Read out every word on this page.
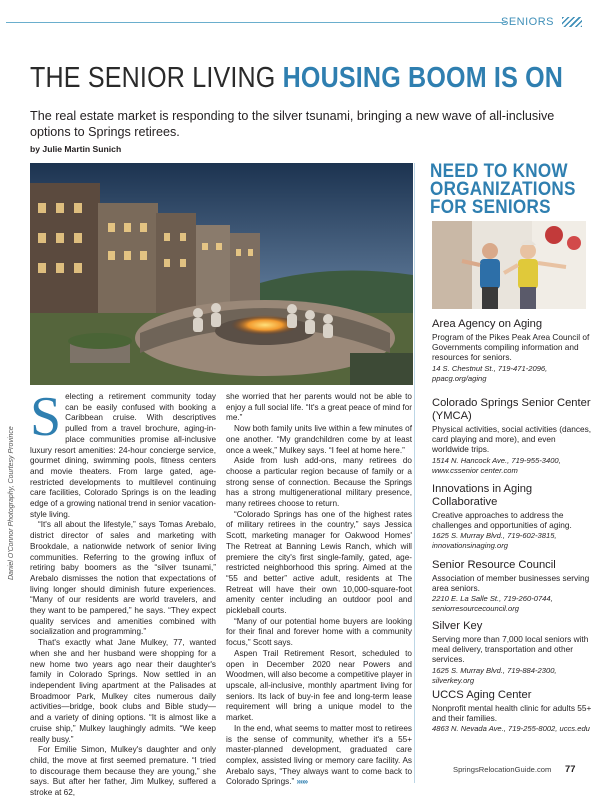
SENIORS
THE SENIOR LIVING HOUSING BOOM IS ON

The real estate market is responding to the silver tsunami, bringing a new wave of all-inclusive options to Springs retirees.

by Julie Martin Sunich

Daniel O'Connor Photography, Courtesy Province

Selecting a retirement community today can be easily confused with booking a Caribbean cruise. With descriptives pulled from a travel brochure, aging-in-place communities promise all-inclusive luxury resort amenities: 24-hour concierge service, gourmet dining, swimming pools, fitness centers and movie theaters. From large gated, age-restricted developments to multilevel continuing care facilities, Colorado Springs is on the leading edge of a growing national trend in senior vacation-style living.

“It's all about the lifestyle,” says Tomas Arebalo, district director of sales and marketing with Brookdale, a nationwide network of senior living communities. Referring to the growing influx of retiring baby boomers as the “silver tsunami,” Arebalo dismisses the notion that expectations of living longer should diminish future experiences. “Many of our residents are world travelers, and they want to be pampered,” he says. “They expect quality services and amenities combined with socialization and programming.”

That's exactly what Jane Mulkey, 77, wanted when she and her husband were shopping for a new home two years ago near their daughter's family in Colorado Springs. Now settled in an independent living apartment at the Palisades at Broadmoor Park, Mulkey cites numerous daily activities—bridge, book clubs and Bible study—and a variety of dining options. “It is almost like a cruise ship,” Mulkey laughingly admits. “We keep really busy.”

For Emilie Simon, Mulkey's daughter and only child, the move at first seemed premature. “I tried to discourage them because they are young,” she says. But after her father, Jim Mulkey, suffered a stroke at 62,

she worried that her parents would not be able to enjoy a full social life. “It's a great peace of mind for me.”

Now both family units live within a few minutes of one another. “My grandchildren come by at least once a week,” Mulkey says. “I feel at home here.”

Aside from lush add-ons, many retirees do choose a particular region because of family or a strong sense of connection. Because the Springs has a strong multigenerational military presence, many retirees choose to return.

“Colorado Springs has one of the highest rates of military retirees in the country,” says Jessica Scott, marketing manager for Oakwood Homes' The Retreat at Banning Lewis Ranch, which will premiere the city's first single-family, gated, age-restricted neighborhood this spring. Aimed at the “55 and better” active adult, residents at The Retreat will have their own 10,000-square-foot amenity center including an outdoor pool and pickleball courts.

“Many of our potential home buyers are looking for their final and forever home with a community focus,” Scott says.

Aspen Trail Retirement Resort, scheduled to open in December 2020 near Powers and Woodmen, will also become a competitive player in upscale, all-inclusive, monthly apartment living for seniors. Its lack of buy-in fee and long-term lease requirement will bring a unique model to the market.

In the end, what seems to matter most to retirees is the sense of community, whether it's a 55+ master-planned development, graduated care complex, assisted living or memory care facility. As Arebalo says, “They always want to come back to Colorado Springs.” »»»

NEED TO KNOW
ORGANIZATIONS
FOR SENIORS
Area Agency on Aging

Program of the Pikes Peak Area Council of Governments compiling information and resources for seniors.

14 S. Chestnut St., 719-471-2096, ppacg.org/aging

Colorado Springs Senior Center (YMCA)

Physical activities, social activities (dances, card playing and more), and even worldwide trips.

1514 N. Hancock Ave., 719-955-3400, www.cssenior center.com

Innovations in Aging Collaborative

Creative approaches to address the challenges and opportunities of aging.

1625 S. Murray Blvd., 719-602-3815, innovationsinaging.org

Senior Resource Council

Association of member businesses serving area seniors.

2210 E. La Salle St., 719-260-0744, seniorresourcecouncil.org

Silver Key

Serving more than 7,000 local seniors with meal delivery, transportation and other services.

1625 S. Murray Blvd., 719-884-2300, silverkey.org

UCCS Aging Center

Nonprofit mental health clinic for adults 55+ and their families.

4863 N. Nevada Ave., 719-255-8002, uccs.edu

SpringsRelocationGuide.com 77
